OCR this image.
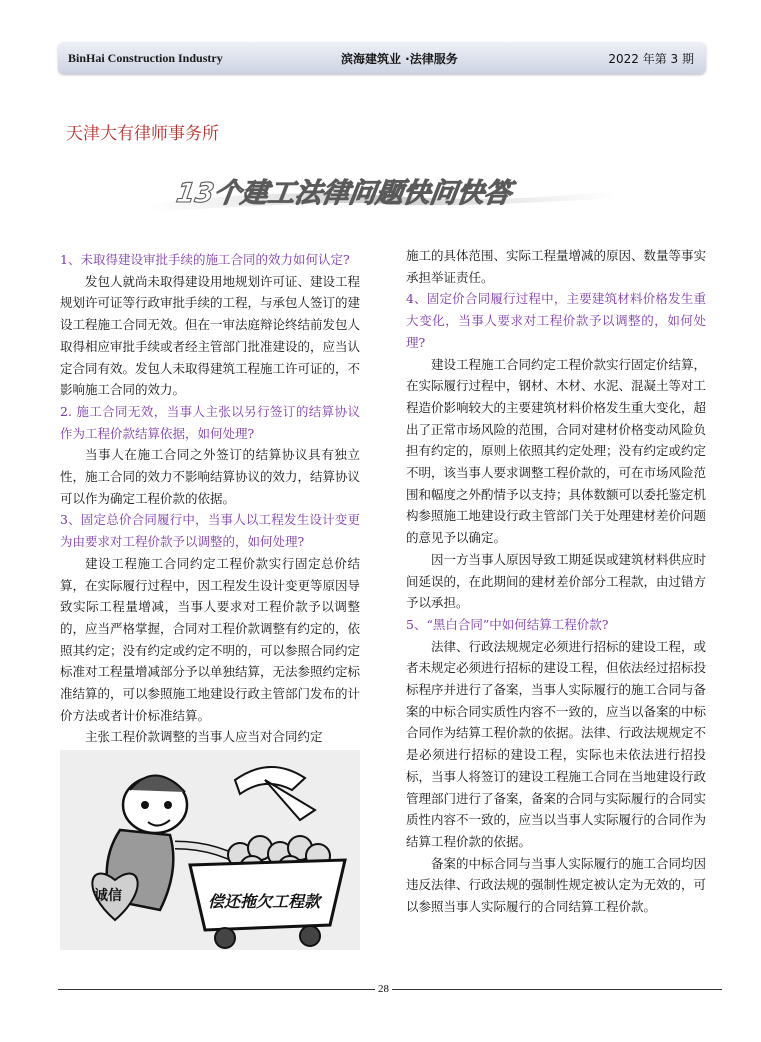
BinHai Construction Industry	滨海建筑业 ·法律服务	2022 年第 3 期
天津大有律师事务所
13个建工法律问题快问快答

1、未取得建设审批手续的施工合同的效力如何认定?

发包人就尚未取得建设用地规划许可证、建设工程规划许可证等行政审批手续的工程，与承包人签订的建设工程施工合同无效。但在一审法庭辩论终结前发包人取得相应审批手续或者经主管部门批准建设的，应当认定合同有效。发包人未取得建筑工程施工许可证的，不影响施工合同的效力。

2. 施工合同无效，当事人主张以另行签订的结算协议作为工程价款结算依据，如何处理?

当事人在施工合同之外签订的结算协议具有独立性，施工合同的效力不影响结算协议的效力，结算协议可以作为确定工程价款的依据。

3、固定总价合同履行中，当事人以工程发生设计变更为由要求对工程价款予以调整的，如何处理?

建设工程施工合同约定工程价款实行固定总价结算，在实际履行过程中，因工程发生设计变更等原因导致实际工程量增减，当事人要求对工程价款予以调整的，应当严格掌握，合同对工程价款调整有约定的，依照其约定；没有约定或约定不明的，可以参照合同约定标准对工程量增减部分予以单独结算，无法参照约定标准结算的，可以参照施工地建设行政主管部门发布的计价方法或者计价标准结算。

主张工程价款调整的当事人应当对合同约定

诚信	偿还拖欠工程款

施工的具体范围、实际工程量增减的原因、数量等事实承担举证责任。

4、固定价合同履行过程中，主要建筑材料价格发生重大变化，当事人要求对工程价款予以调整的，如何处理?

建设工程施工合同约定工程价款实行固定价结算，在实际履行过程中，钢材、木材、水泥、混凝土等对工程造价影响较大的主要建筑材料价格发生重大变化，超出了正常市场风险的范围，合同对建材价格变动风险负担有约定的，原则上依照其约定处理；没有约定或约定不明，该当事人要求调整工程价款的，可在市场风险范围和幅度之外酌情予以支持；具体数额可以委托鉴定机构参照施工地建设行政主管部门关于处理建材差价问题的意见予以确定。

因一方当事人原因导致工期延误或建筑材料供应时间延误的，在此期间的建材差价部分工程款，由过错方予以承担。

5、“黑白合同”中如何结算工程价款?

法律、行政法规规定必须进行招标的建设工程，或者未规定必须进行招标的建设工程，但依法经过招标投标程序并进行了备案，当事人实际履行的施工合同与备案的中标合同实质性内容不一致的，应当以备案的中标合同作为结算工程价款的依据。法律、行政法规规定不是必须进行招标的建设工程，实际也未依法进行招投标，当事人将签订的建设工程施工合同在当地建设行政管理部门进行了备案，备案的合同与实际履行的合同实质性内容不一致的，应当以当事人实际履行的合同作为结算工程价款的依据。

备案的中标合同与当事人实际履行的施工合同均因违反法律、行政法规的强制性规定被认定为无效的，可以参照当事人实际履行的合同结算工程价款。

28
